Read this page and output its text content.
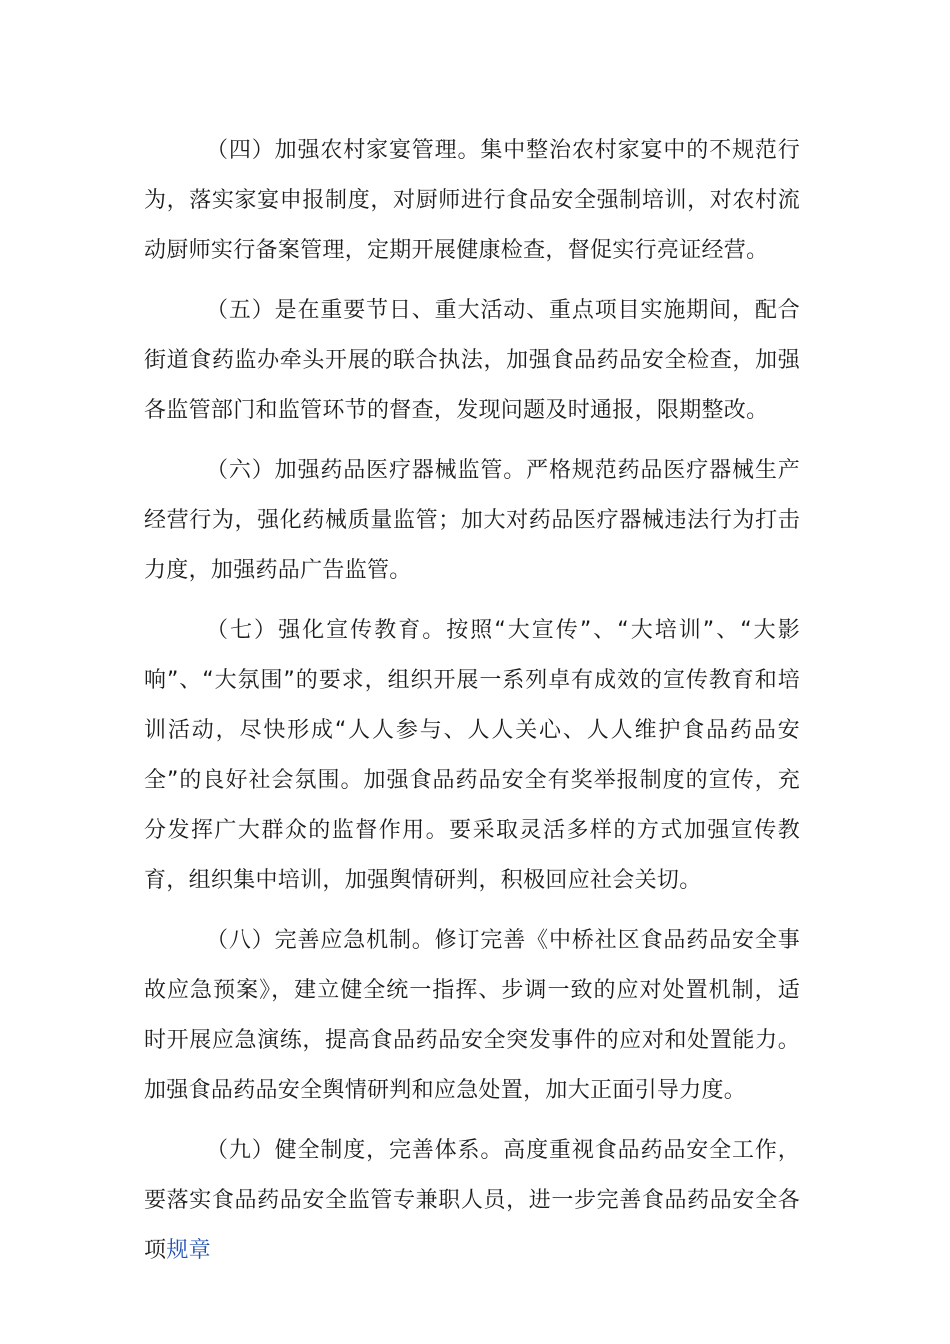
（四）加强农村家宴管理。集中整治农村家宴中的不规范行为，落实家宴申报制度，对厨师进行食品安全强制培训，对农村流动厨师实行备案管理，定期开展健康检查，督促实行亮证经营。

（五）是在重要节日、重大活动、重点项目实施期间，配合街道食药监办牵头开展的联合执法，加强食品药品安全检查，加强各监管部门和监管环节的督查，发现问题及时通报，限期整改。

（六）加强药品医疗器械监管。严格规范药品医疗器械生产经营行为，强化药械质量监管；加大对药品医疗器械违法行为打击力度，加强药品广告监管。

（七）强化宣传教育。按照“大宣传”、“大培训”、“大影响”、“大氛围”的要求，组织开展一系列卓有成效的宣传教育和培训活动，尽快形成“人人参与、人人关心、人人维护食品药品安全”的良好社会氛围。加强食品药品安全有奖举报制度的宣传，充分发挥广大群众的监督作用。要采取灵活多样的方式加强宣传教育，组织集中培训，加强舆情研判，积极回应社会关切。

（八）完善应急机制。修订完善《中桥社区食品药品安全事故应急预案》，建立健全统一指挥、步调一致的应对处置机制，适时开展应急演练，提高食品药品安全突发事件的应对和处置能力。加强食品药品安全舆情研判和应急处置，加大正面引导力度。

（九）健全制度，完善体系。高度重视食品药品安全工作，要落实食品药品安全监管专兼职人员，进一步完善食品药品安全各项规章
